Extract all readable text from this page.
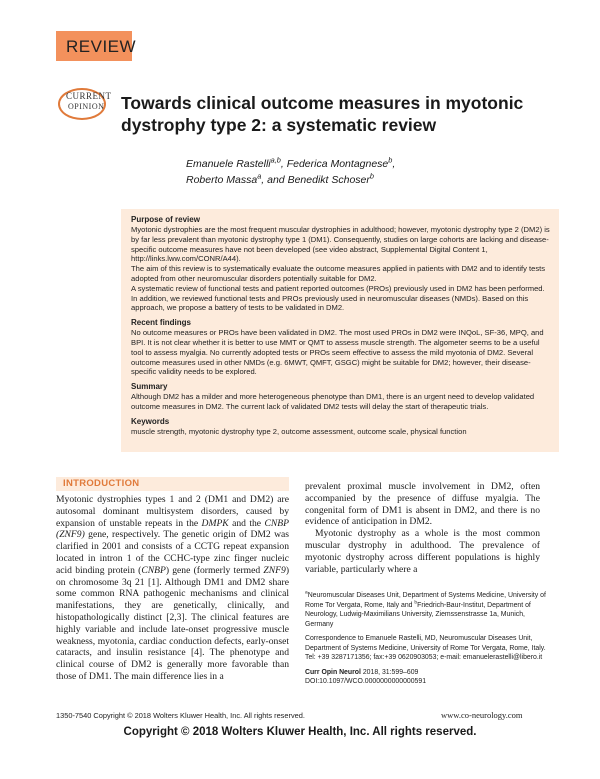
REVIEW
CURRENT
OPINION Towards clinical outcome measures in myotonic dystrophy type 2: a systematic review
Emanuele Rastelli$^{a,b}$, Federica Montagnese$^b$,
Roberto Massa$^a$, and Benedikt Schoser$^b$
Purpose of review

Myotonic dystrophies are the most frequent muscular dystrophies in adulthood; however, myotonic dystrophy type 2 (DM2) is by far less prevalent than myotonic dystrophy type 1 (DM1). Consequently, studies on large cohorts are lacking and disease-specific outcome measures have not been developed (see video abstract, Supplemental Digital Content 1, http://links.lww.com/CONR/A44).

The aim of this review is to systematically evaluate the outcome measures applied in patients with DM2 and to identify tests adopted from other neuromuscular disorders potentially suitable for DM2.

A systematic review of functional tests and patient reported outcomes (PROs) previously used in DM2 has been performed. In addition, we reviewed functional tests and PROs previously used in neuromuscular diseases (NMDs). Based on this approach, we propose a battery of tests to be validated in DM2.

Recent findings

No outcome measures or PROs have been validated in DM2. The most used PROs in DM2 were INQoL, SF-36, MPQ, and BPI. It is not clear whether it is better to use MMT or QMT to assess muscle strength. The algometer seems to be a useful tool to assess myalgia. No currently adopted tests or PROs seem effective to assess the mild myotonia of DM2. Several outcome measures used in other NMDs (e.g. 6MWT, QMFT, GSGC) might be suitable for DM2; however, their disease-specific validity needs to be explored.

Summary

Although DM2 has a milder and more heterogeneous phenotype than DM1, there is an urgent need to develop validated outcome measures in DM2. The current lack of validated DM2 tests will delay the start of therapeutic trials.

Keywords

muscle strength, myotonic dystrophy type 2, outcome assessment, outcome scale, physical function

INTRODUCTION

Myotonic dystrophies types 1 and 2 (DM1 and DM2) are autosomal dominant multisystem disorders, caused by expansion of unstable repeats in the DMPK and the CNBP (ZNF9) gene, respectively. The genetic origin of DM2 was clarified in 2001 and consists of a CCTG repeat expansion located in intron 1 of the CCHC-type zinc finger nucleic acid binding protein (CNBP) gene (formerly termed ZNF9) on chromosome 3q 21 [1]. Although DM1 and DM2 share some common RNA pathogenic mechanisms and clinical manifestations, they are genetically, clinically, and histopathologically distinct [2,3]. The clinical features are highly variable and include late-onset progressive muscle weakness, myotonia, cardiac conduction defects, early-onset cataracts, and insulin resistance [4]. The phenotype and clinical course of DM2 is generally more favorable than those of DM1. The main difference lies in a

prevalent proximal muscle involvement in DM2, often accompanied by the presence of diffuse myalgia. The congenital form of DM1 is absent in DM2, and there is no evidence of anticipation in DM2.

Myotonic dystrophy as a whole is the most common muscular dystrophy in adulthood. The prevalence of myotonic dystrophy across different populations is highly variable, particularly where a

$^a$Neuromuscular Diseases Unit, Department of Systems Medicine, University of Rome Tor Vergata, Rome, Italy and $^b$Friedrich-Baur-Institut, Department of Neurology, Ludwig-Maximilians University, Ziemssenstrasse 1a, Munich, Germany

Correspondence to Emanuele Rastelli, MD, Neuromuscular Diseases Unit, Department of Systems Medicine, University of Rome Tor Vergata, Rome, Italy. Tel: +39 3287171356; fax:+39 0620903053; e-mail: emanuelerastelli@libero.it

Curr Opin Neurol 2018, 31:599–609

DOI:10.1097/WCO.0000000000000591

1350-7540 Copyright © 2018 Wolters Kluwer Health, Inc. All rights reserved.	www.co-neurology.com
Copyright © 2018 Wolters Kluwer Health, Inc. All rights reserved.
